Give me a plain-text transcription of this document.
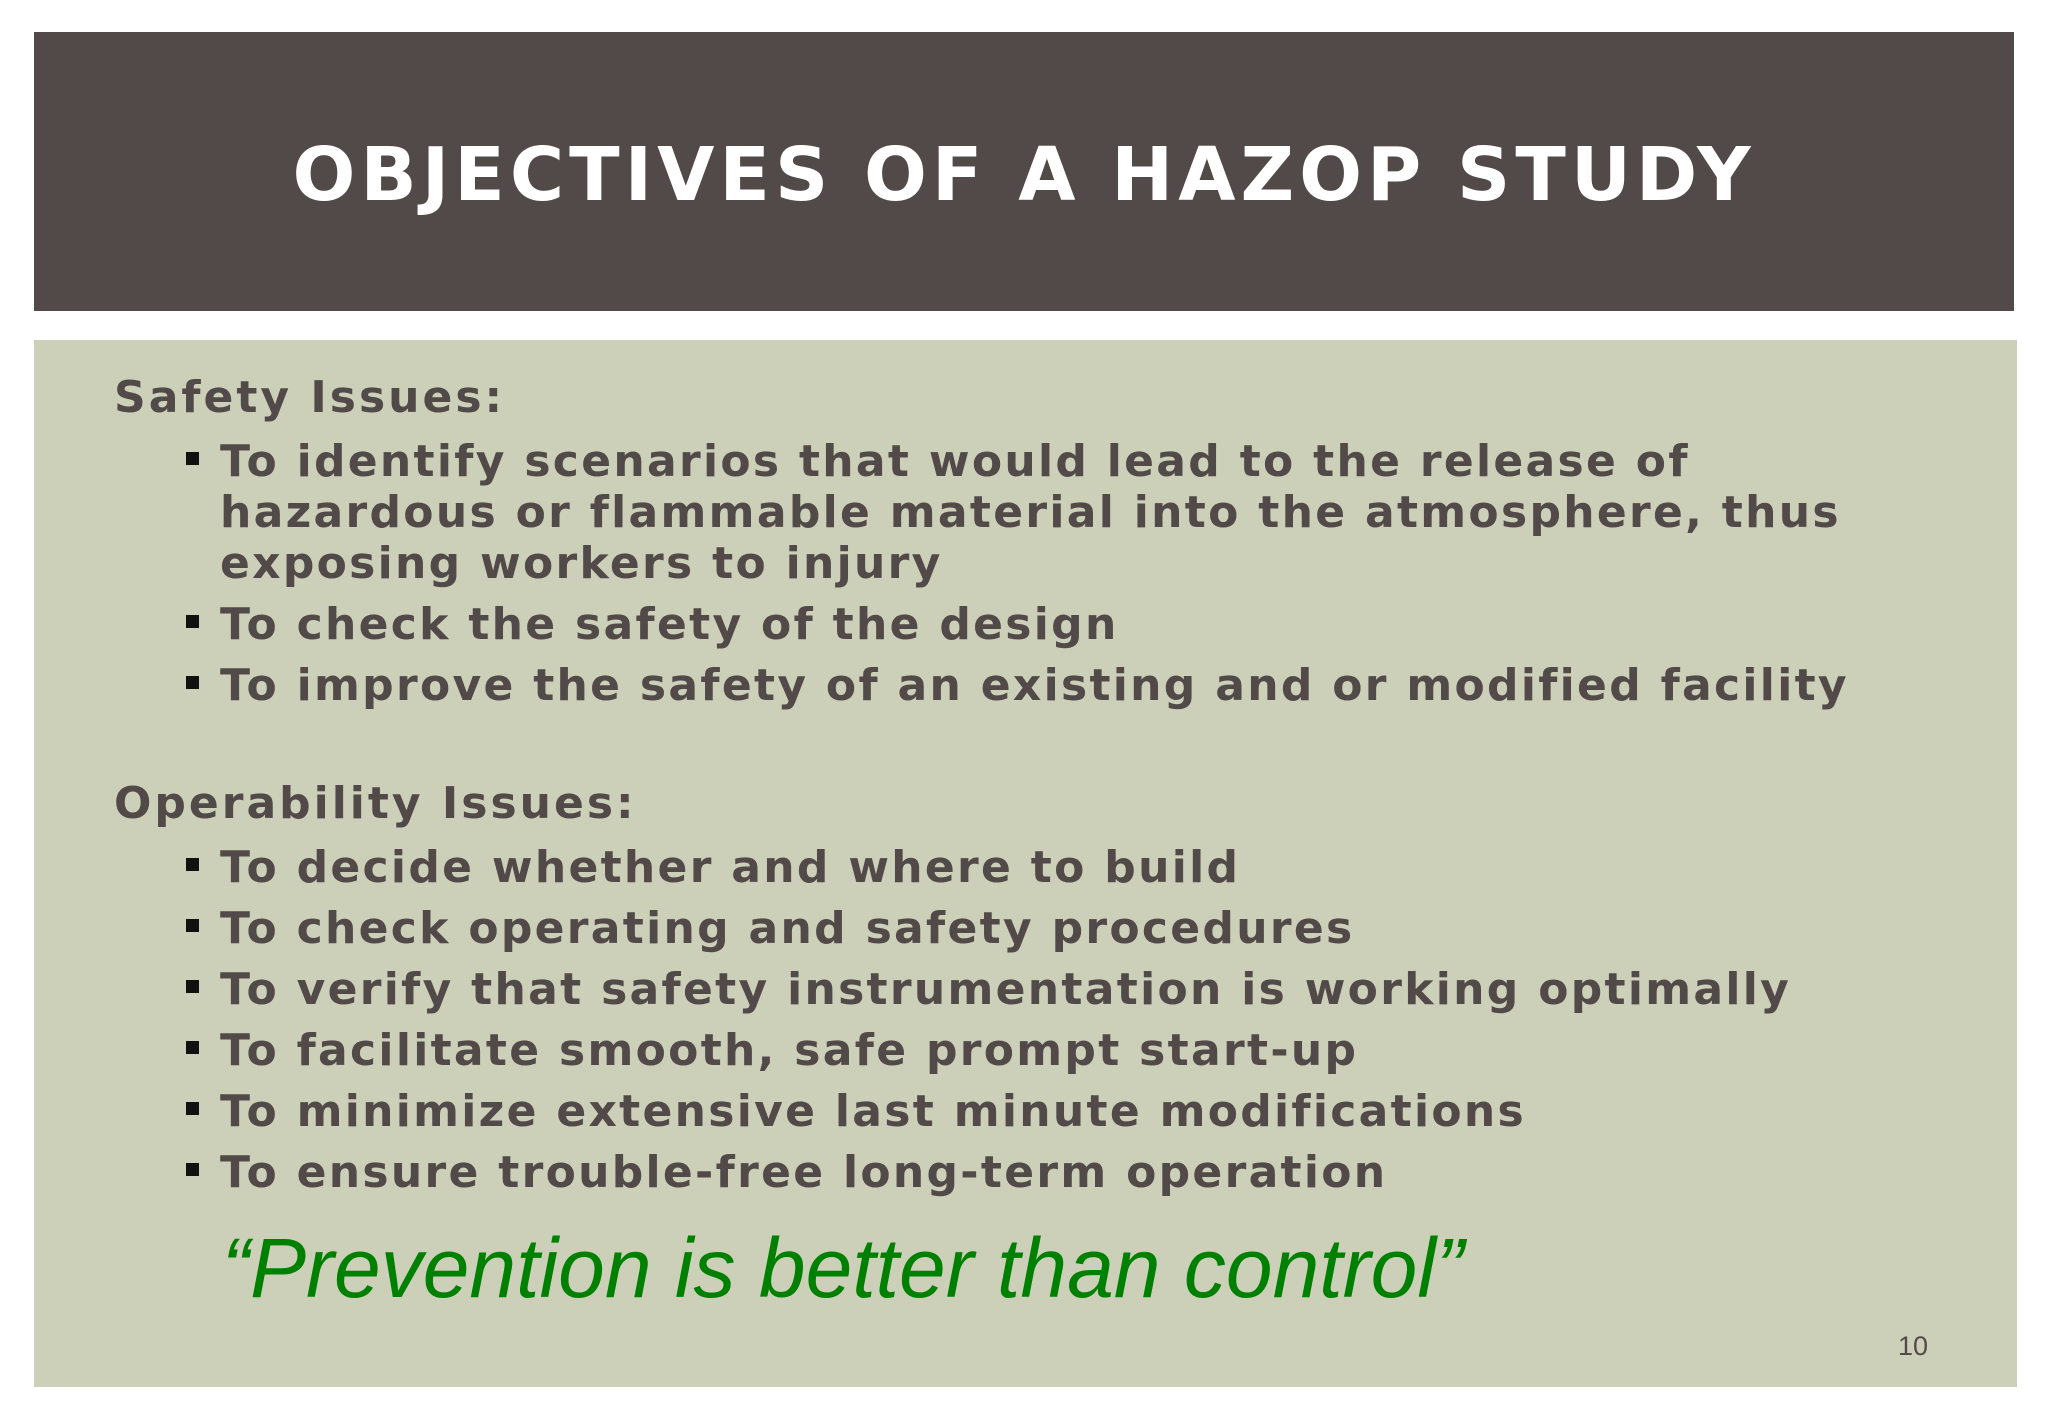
OBJECTIVES OF A HAZOP STUDY
Safety Issues:
To identify scenarios that would lead to the release of hazardous or flammable material into the atmosphere, thus exposing workers to injury
To check the safety of the design
To improve the safety of an existing and or modified facility
Operability Issues:
To decide whether and where to build
To check operating and safety procedures
To verify that safety instrumentation is working optimally
To facilitate smooth, safe prompt start-up
To minimize extensive last minute modifications
To ensure trouble-free long-term operation
“Prevention is better than control”
10
